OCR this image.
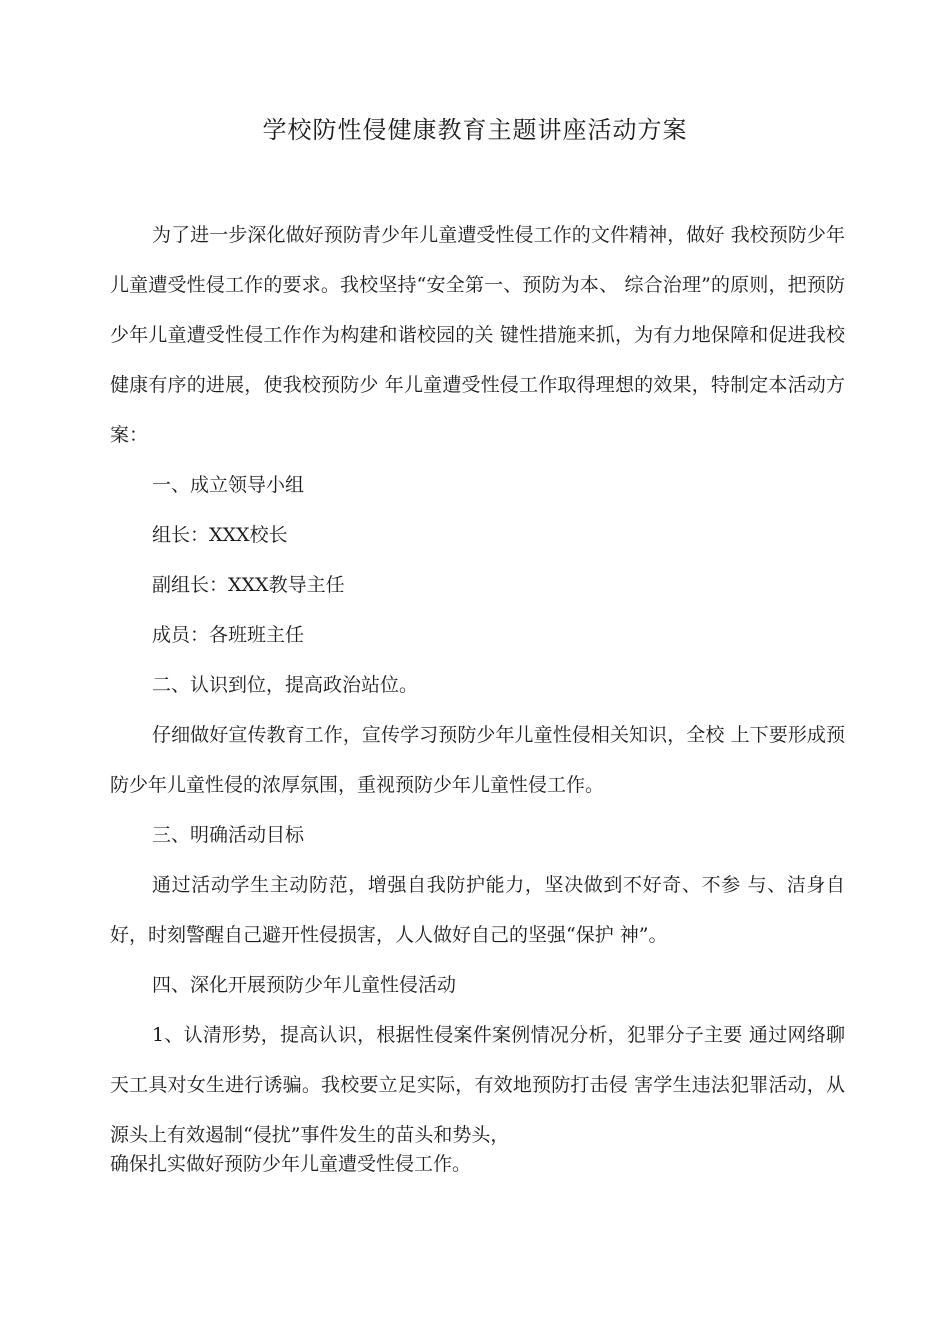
学校防性侵健康教育主题讲座活动方案

为了进一步深化做好预防青少年儿童遭受性侵工作的文件精神，做好 我校预防少年儿童遭受性侵工作的要求。我校坚持“安全第一、预防为本、 综合治理”的原则，把预防少年儿童遭受性侵工作作为构建和谐校园的关 键性措施来抓，为有力地保障和促进我校健康有序的进展，使我校预防少 年儿童遭受性侵工作取得理想的效果，特制定本活动方案：

一、成立领导小组

组长：XXX校长

副组长：XXX教导主任

成员：各班班主任

二、认识到位，提高政治站位。

仔细做好宣传教育工作，宣传学习预防少年儿童性侵相关知识，全校 上下要形成预防少年儿童性侵的浓厚氛围，重视预防少年儿童性侵工作。

三、明确活动目标

通过活动学生主动防范，增强自我防护能力，坚决做到不好奇、不参 与、洁身自好，时刻警醒自己避开性侵损害，人人做好自己的坚强“保护 神”。

四、深化开展预防少年儿童性侵活动

1、认清形势，提高认识，根据性侵案件案例情况分析，犯罪分子主要 通过网络聊天工具对女生进行诱骗。我校要立足实际，有效地预防打击侵 害学生违法犯罪活动，从源头上有效遏制“侵扰”事件发生的苗头和势头，

确保扎实做好预防少年儿童遭受性侵工作。
